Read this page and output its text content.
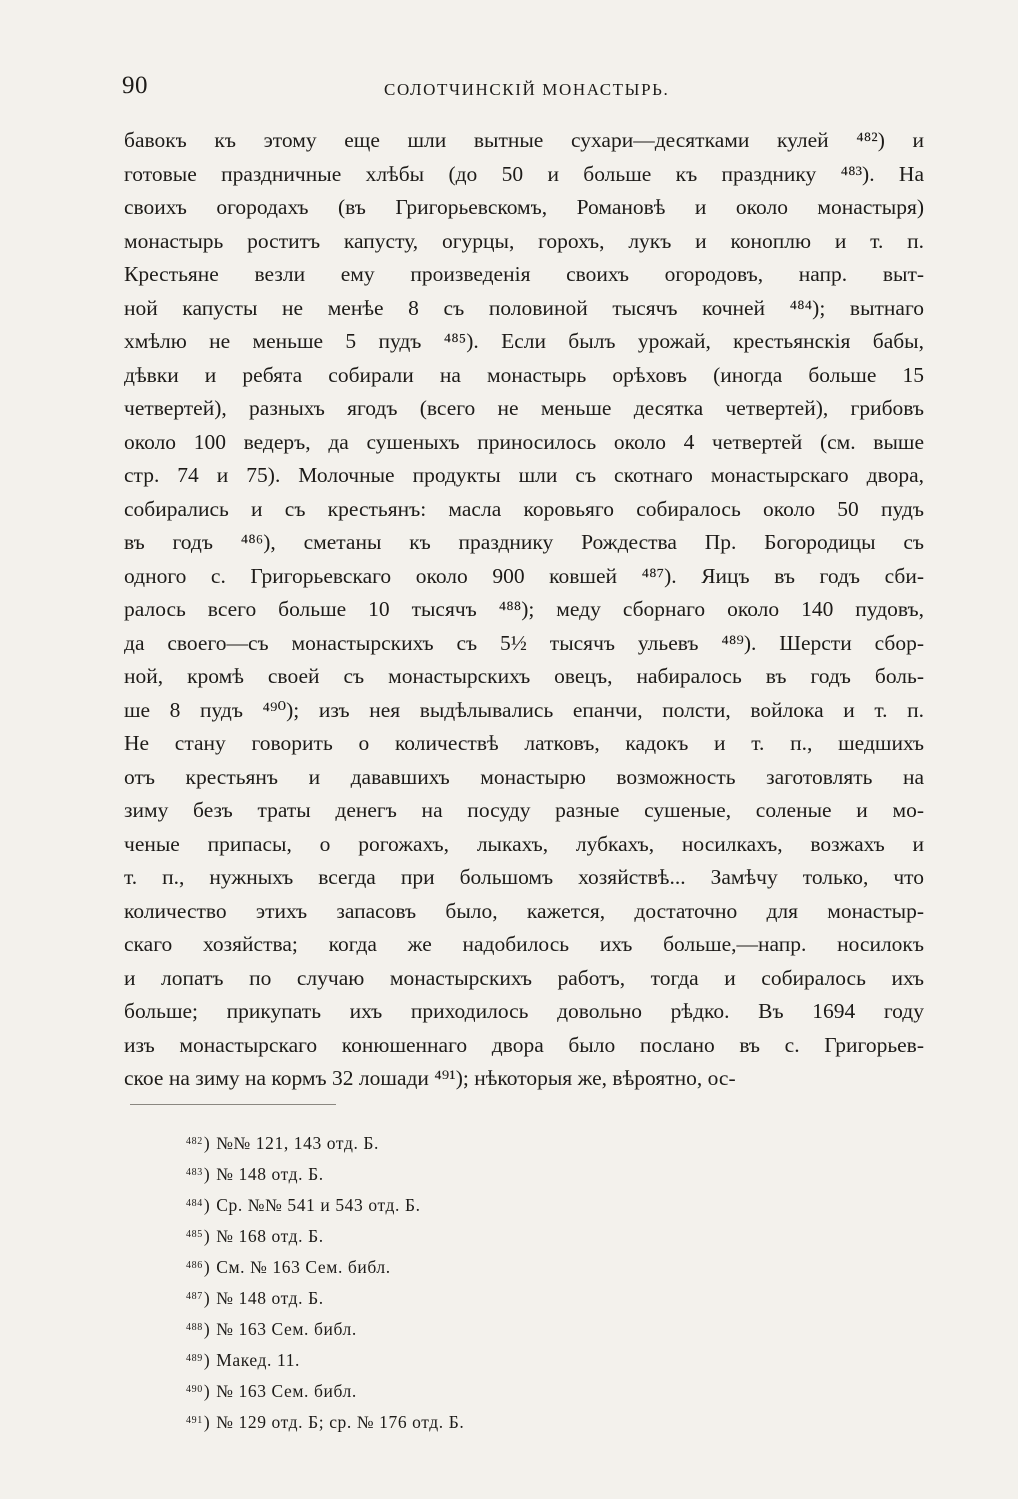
90	СОЛОТЧИНСКІЙ МОНАСТЫРЬ.
бавокъ къ этому еще шли вытные сухари—десятками кулей ⁴⁸²) и
готовые праздничные хлѣбы (до 50 и больше къ празднику ⁴⁸³). На
своихъ огородахъ (въ Григорьевскомъ, Романовѣ и около монастыря)
монастырь роститъ капусту, огурцы, горохъ, лукъ и коноплю и т. п.
Крестьяне везли ему произведенія своихъ огородовъ, напр. выт-
ной капусты не менѣе 8 съ половиной тысячъ кочней ⁴⁸⁴); вытнаго
хмѣлю не меньше 5 пудъ ⁴⁸⁵). Если былъ урожай, крестьянскія бабы,
дѣвки и ребята собирали на монастырь орѣховъ (иногда больше 15
четвертей), разныхъ ягодъ (всего не меньше десятка четвертей), грибовъ
около 100 ведеръ, да сушеныхъ приносилось около 4 четвертей (см. выше
стр. 74 и 75). Молочные продукты шли съ скотнаго монастырскаго двора,
собирались и съ крестьянъ: масла коровьяго собиралось около 50 пудъ
въ годъ ⁴⁸⁶), сметаны къ празднику Рождества Пр. Богородицы съ
одного с. Григорьевскаго около 900 ковшей ⁴⁸⁷). Яицъ въ годъ сби-
ралось всего больше 10 тысячъ ⁴⁸⁸); меду сборнаго около 140 пудовъ,
да своего—съ монастырскихъ съ 5½ тысячъ ульевъ ⁴⁸⁹). Шерсти сбор-
ной, кромѣ своей съ монастырскихъ овецъ, набиралось въ годъ боль-
ше 8 пудъ ⁴⁹⁰); изъ нея выдѣлывались епанчи, полсти, войлока и т. п.
Не стану говорить о количествѣ латковъ, кадокъ и т. п., шедшихъ
отъ крестьянъ и дававшихъ монастырю возможность заготовлять на
зиму безъ траты денегъ на посуду разные сушеные, соленые и мо-
ченые припасы, о рогожахъ, лыкахъ, лубкахъ, носилкахъ, возжахъ и
т. п., нужныхъ всегда при большомъ хозяйствѣ... Замѣчу только, что
количество этихъ запасовъ было, кажется, достаточно для монастыр-
скаго хозяйства; когда же надобилось ихъ больше,—напр. носилокъ
и лопатъ по случаю монастырскихъ работъ, тогда и собиралось ихъ
больше; прикупать ихъ приходилось довольно рѣдко. Въ 1694 году
изъ монастырскаго конюшеннаго двора было послано въ с. Григорьев-
ское на зиму на кормъ 32 лошади ⁴⁹¹); нѣкоторыя же, вѣроятно, ос-
$^{482}$) №№ 121, 143 отд. Б.
$^{483}$) № 148 отд. Б.
$^{484}$) Ср. №№ 541 и 543 отд. Б.
$^{485}$) № 168 отд. Б.
$^{486}$) См. № 163 Сем. библ.
$^{487}$) № 148 отд. Б.
$^{488}$) № 163 Сем. библ.
$^{489}$) Макед. 11.
$^{490}$) № 163 Сем. библ.
$^{491}$) № 129 отд. Б; ср. № 176 отд. Б.
